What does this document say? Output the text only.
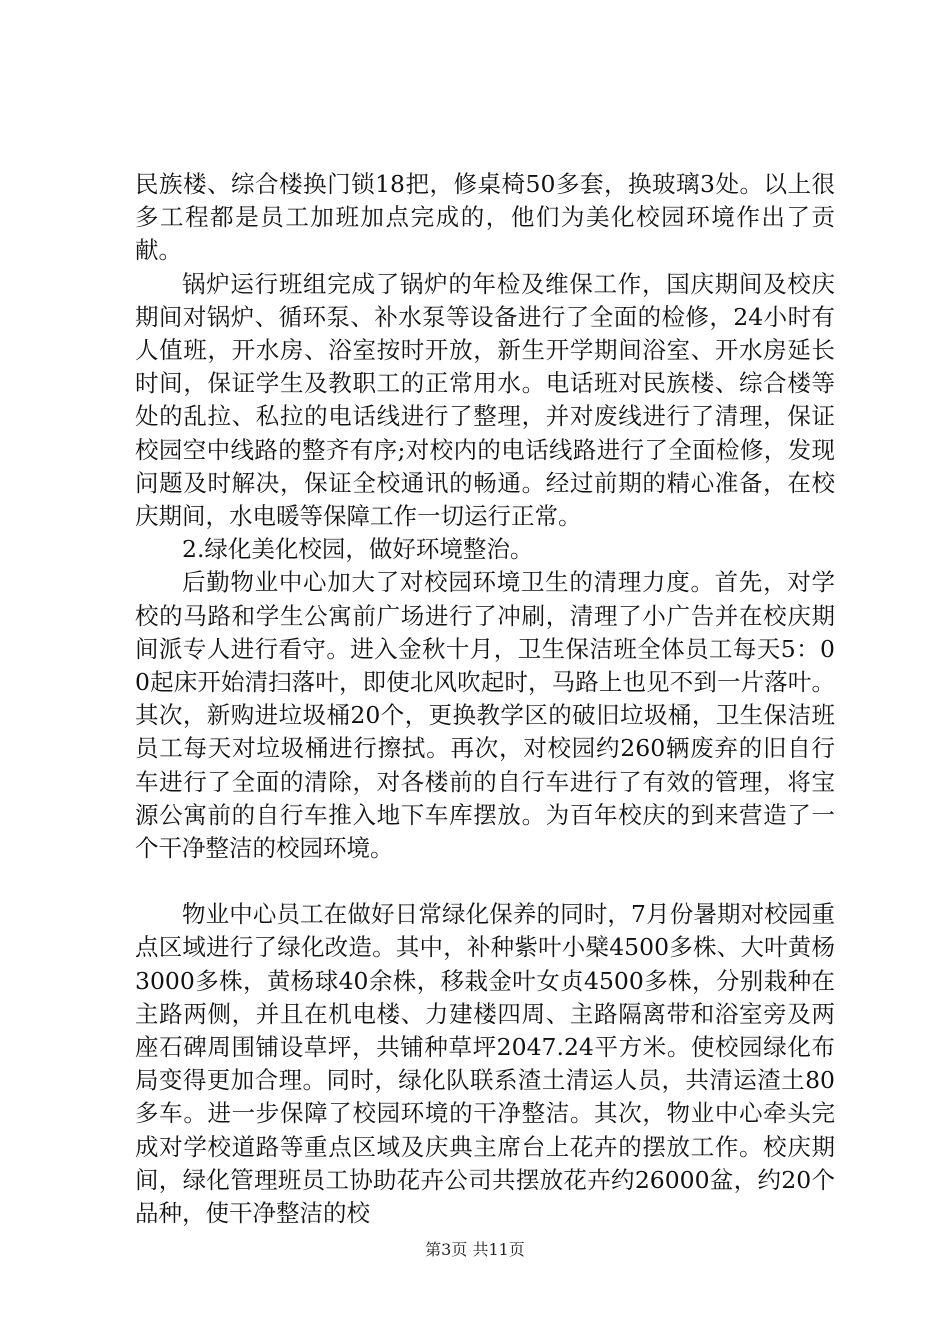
民族楼、综合楼换门锁18把，修桌椅50多套，换玻璃3处。以上很多工程都是员工加班加点完成的，他们为美化校园环境作出了贡献。

锅炉运行班组完成了锅炉的年检及维保工作，国庆期间及校庆期间对锅炉、循环泵、补水泵等设备进行了全面的检修，24小时有人值班，开水房、浴室按时开放，新生开学期间浴室、开水房延长时间，保证学生及教职工的正常用水。电话班对民族楼、综合楼等处的乱拉、私拉的电话线进行了整理，并对废线进行了清理，保证校园空中线路的整齐有序;对校内的电话线路进行了全面检修，发现问题及时解决，保证全校通讯的畅通。经过前期的精心准备，在校庆期间，水电暖等保障工作一切运行正常。

2.绿化美化校园，做好环境整治。

后勤物业中心加大了对校园环境卫生的清理力度。首先，对学校的马路和学生公寓前广场进行了冲刷，清理了小广告并在校庆期间派专人进行看守。进入金秋十月，卫生保洁班全体员工每天5：00起床开始清扫落叶，即使北风吹起时，马路上也见不到一片落叶。其次，新购进垃圾桶20个，更换教学区的破旧垃圾桶，卫生保洁班员工每天对垃圾桶进行擦拭。再次，对校园约260辆废弃的旧自行车进行了全面的清除，对各楼前的自行车进行了有效的管理，将宝源公寓前的自行车推入地下车库摆放。为百年校庆的到来营造了一个干净整洁的校园环境。

物业中心员工在做好日常绿化保养的同时，7月份暑期对校园重点区域进行了绿化改造。其中，补种紫叶小檗4500多株、大叶黄杨3000多株，黄杨球40余株，移栽金叶女贞4500多株，分别栽种在主路两侧，并且在机电楼、力建楼四周、主路隔离带和浴室旁及两座石碑周围铺设草坪，共铺种草坪2047.24平方米。使校园绿化布局变得更加合理。同时，绿化队联系渣土清运人员，共清运渣土80多车。进一步保障了校园环境的干净整洁。其次，物业中心牵头完成对学校道路等重点区域及庆典主席台上花卉的摆放工作。校庆期间，绿化管理班员工协助花卉公司共摆放花卉约26000盆，约20个品种，使干净整洁的校

第3页 共11页
